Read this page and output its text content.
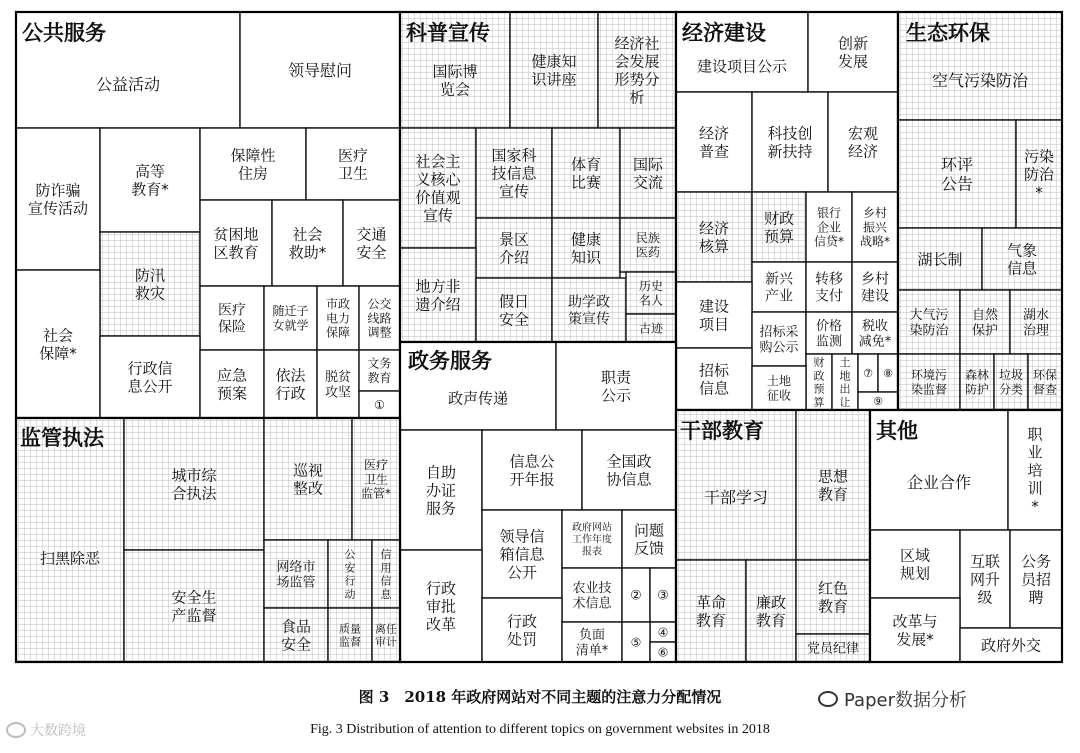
公益活动
领导慰问
防诈骗宣传活动
高等教育*
保障性住房
医疗卫生
防汛救灾
社会保障*
贫困地区教育
社会救助*
交通安全
医疗保险
随迁子女就学
市政电力保障
公交线路调整
行政信息公开
应急预案
依法行政
脱贫攻坚
文务教育
①
公共服务
国际博览会
健康知识讲座
经济社会发展形势分析
社会主义核心价值观宣传
国家科技信息宣传
体育比赛
国际交流
景区介绍
健康知识
民族医药
地方非遗介绍	假日安全
助学政策宣传
历史名人
古迹
科普宣传
建设项目公示
创新发展
经济普查
科技创新扶持
宏观经济
经济核算
财政预算
银行企业信贷*
乡村振兴战略*
新兴产业
转移支付
乡村建设
建设项目 招标采购公示
价格监测
税收减免*
招标信息
财政预算
土地出让
⑦ ⑧
土地征收	⑨
经济建设
空气污染防治
环评公告
污染防治*
湖长制	气象信息
大气污染防治
自然保护
湖水治理
环境污染监督
森林防护
垃圾分类
环保督查
生态环保
政声传递
职责公示
自助办证服务
信息公开年报
全国政协信息
领导信箱信息公开
政府网站工作年度报表
问题反馈
行政审批改革
农业技术信息
② ③
行政处罚	负面清单*
④
⑤
⑥
政务服务
扫黑除恶
城市综合执法
巡视整改
医疗卫生监管*
安全生产监督
网络市场监管
公安行动
信用信息
食品安全
质量监督
离任审计
监管执法
干部学习
思想教育
革命教育
廉政教育
红色教育
党员纪律
干部教育
企业合作
职业培训*
区域规划
互联网升级
公务员招聘
改革与发展*	政府外交
其他
图 3　2018 年政府网站对不同主题的注意力分配情况
Fig. 3 Distribution of attention to different topics on government websites in 2018
Paper数据分析
大数跨境
